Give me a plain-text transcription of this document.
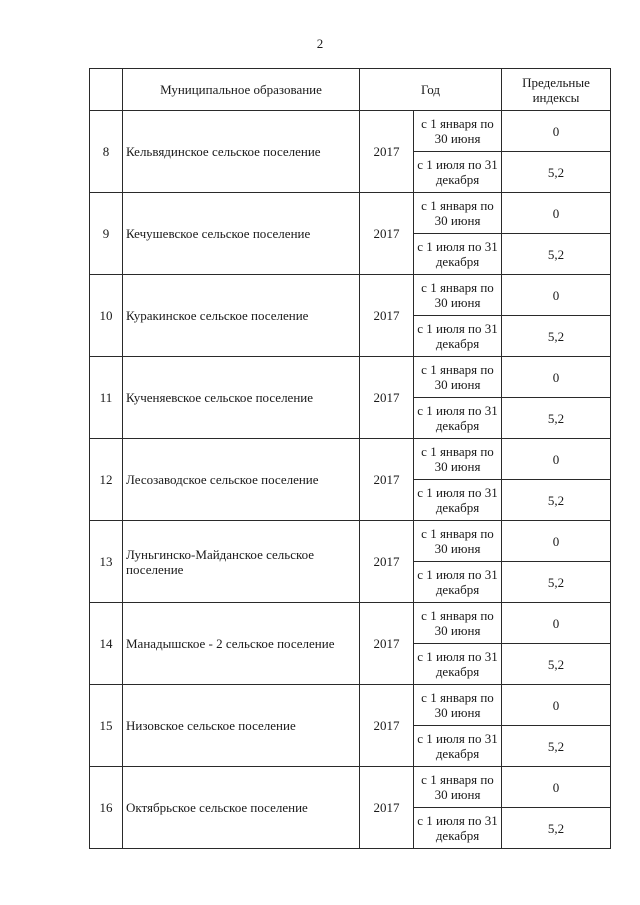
2
	Муниципальное образование	Год		Предельные индексы
8	Кельвядинское сельское поселение	2017	с 1 января по 30 июня	0
			с 1 июля по 31 декабря	5,2
9	Кечушевское сельское поселение	2017	с 1 января по 30 июня	0
			с 1 июля по 31 декабря	5,2
10	Куракинское сельское поселение	2017	с 1 января по 30 июня	0
			с 1 июля по 31 декабря	5,2
11	Кученяевское сельское поселение	2017	с 1 января по 30 июня	0
			с 1 июля по 31 декабря	5,2
12	Лесозаводское сельское поселение	2017	с 1 января по 30 июня	0
			с 1 июля по 31 декабря	5,2
13	Луньгинско-Майданское сельское поселение	2017	с 1 января по 30 июня	0
			с 1 июля по 31 декабря	5,2
14	Манадышское - 2 сельское поселение	2017	с 1 января по 30 июня	0
			с 1 июля по 31 декабря	5,2
15	Низовское сельское поселение	2017	с 1 января по 30 июня	0
			с 1 июля по 31 декабря	5,2
16	Октябрьское сельское поселение	2017	с 1 января по 30 июня	0
			с 1 июля по 31 декабря	5,2
